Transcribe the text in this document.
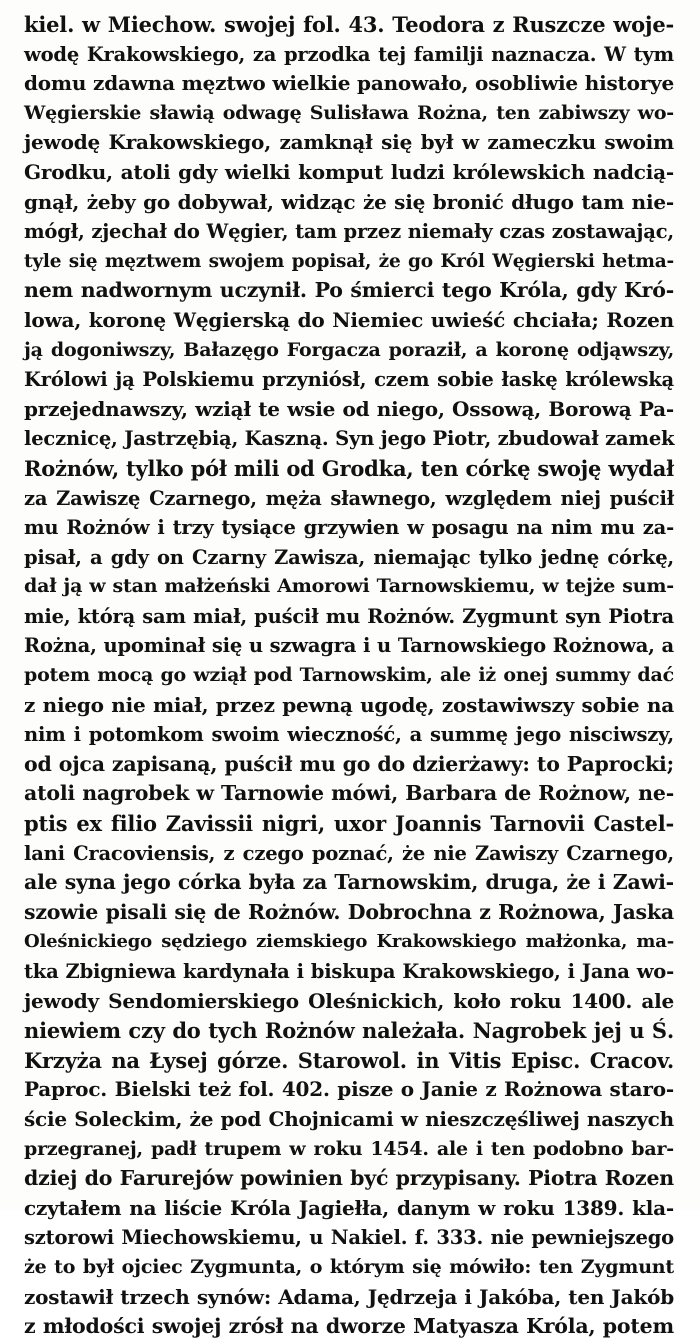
kiel. w Miechow. swojej fol. 43. Teodora z Ruszcze woje-
wodę Krakowskiego, za przodka tej familji naznacza. W tym
domu zdawna męztwo wielkie panowało, osobliwie historye
Węgierskie sławią odwagę Sulisława Rożna, ten zabiwszy wo-
jewodę Krakowskiego, zamknął się był w zameczku swoim
Grodku, atoli gdy wielki komput ludzi królewskich nadcią-
gnął, żeby go dobywał, widząc że się bronić długo tam nie-
mógł, zjechał do Węgier, tam przez niemały czas zostawając,
tyle się męztwem swojem popisał, że go Król Węgierski hetma-
nem nadwornym uczynił. Po śmierci tego Króla, gdy Kró-
lowa, koronę Węgierską do Niemiec uwieść chciała; Rozen
ją dogoniwszy, Bałazęgo Forgacza poraził, a koronę odjąwszy,
Królowi ją Polskiemu przyniósł, czem sobie łaskę królewską
przejednawszy, wziął te wsie od niego, Ossową, Borową Pa-
lecznicę, Jastrzębią, Kaszną. Syn jego Piotr, zbudował zamek
Rożnów, tylko pół mili od Grodka, ten córkę swoję wydał
za Zawiszę Czarnego, męża sławnego, względem niej puścił
mu Rożnów i trzy tysiące grzywien w posagu na nim mu za-
pisał, a gdy on Czarny Zawisza, niemając tylko jednę córkę,
dał ją w stan małżeński Amorowi Tarnowskiemu, w tejże sum-
mie, którą sam miał, puścił mu Rożnów. Zygmunt syn Piotra
Rożna, upominał się u szwagra i u Tarnowskiego Rożnowa, a
potem mocą go wziął pod Tarnowskim, ale iż onej summy dać
z niego nie miał, przez pewną ugodę, zostawiwszy sobie na
nim i potomkom swoim wieczność, a summę jego nisciwszy,
od ojca zapisaną, puścił mu go do dzierżawy: to Paprocki;
atoli nagrobek w Tarnowie mówi, Barbara de Rożnow, ne-
ptis ex filio Zavissii nigri, uxor Joannis Tarnovii Castel-
lani Cracoviensis, z czego poznać, że nie Zawiszy Czarnego,
ale syna jego córka była za Tarnowskim, druga, że i Zawi-
szowie pisali się de Rożnów. Dobrochna z Rożnowa, Jaska
Oleśnickiego sędziego ziemskiego Krakowskiego małżonka, ma-
tka Zbigniewa kardynała i biskupa Krakowskiego, i Jana wo-
jewody Sendomierskiego Oleśnickich, koło roku 1400. ale
niewiem czy do tych Rożnów należała. Nagrobek jej u Ś.
Krzyża na Łysej górze. Starowol. in Vitis Episc. Cracov.
Paproc. Bielski też fol. 402. pisze o Janie z Rożnowa staro-
ście Soleckim, że pod Chojnicami w nieszczęśliwej naszych
przegranej, padł trupem w roku 1454. ale i ten podobno bar-
dziej do Farurejów powinien być przypisany. Piotra Rozen
czytałem na liście Króla Jagiełła, danym w roku 1389. kla-
sztorowi Miechowskiemu, u Nakiel. f. 333. nie pewniejszego
że to był ojciec Zygmunta, o którym się mówiło: ten Zygmunt
zostawił trzech synów: Adama, Jędrzeja i Jakóba, ten Jakób
z młodości swojej zrósł na dworze Matyasza Króla, potem
